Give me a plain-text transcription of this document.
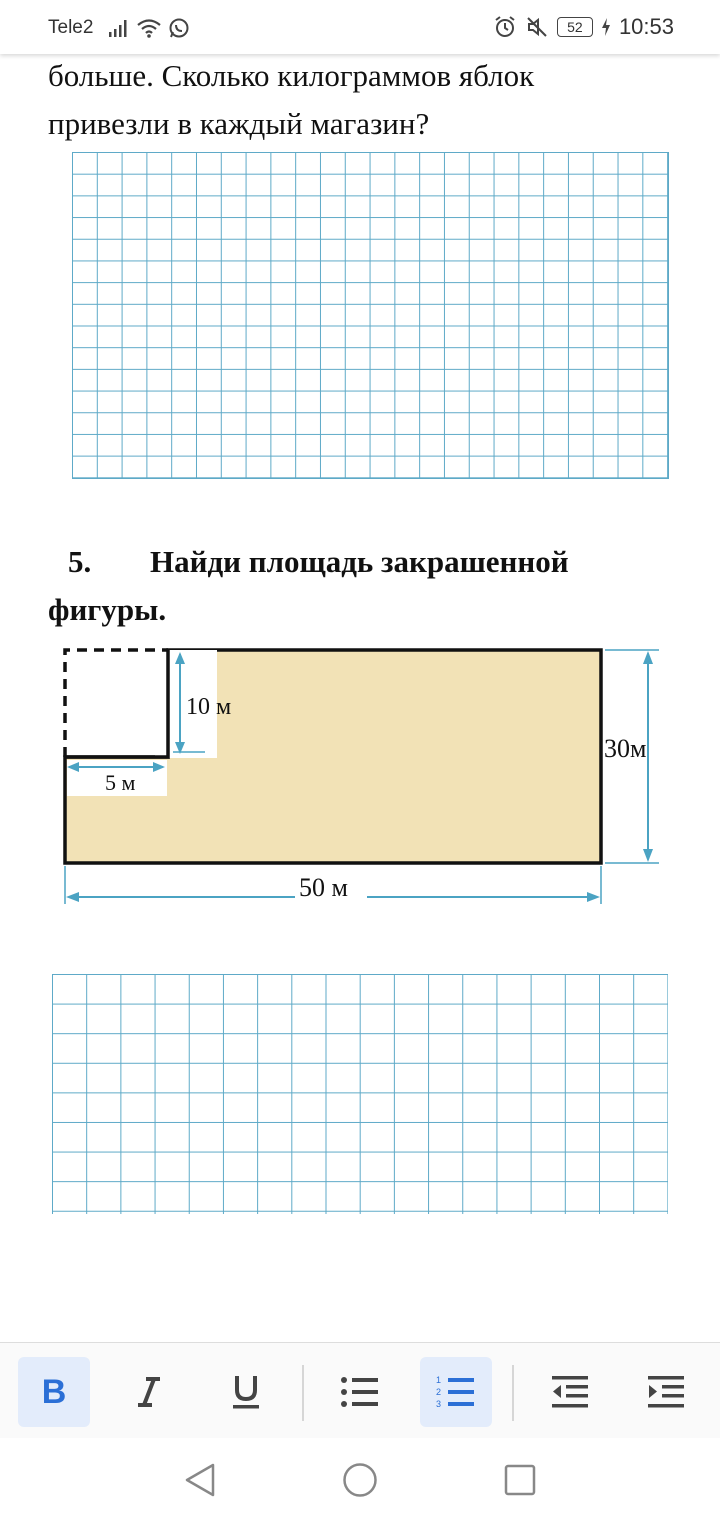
Tele2	52	10:53
больше. Сколько килограммов яблок
привезли в каждый магазин?
5. Найди площадь закрашенной
фигуры.
10 м
5 м
30м
50 м
B	1
2
3
